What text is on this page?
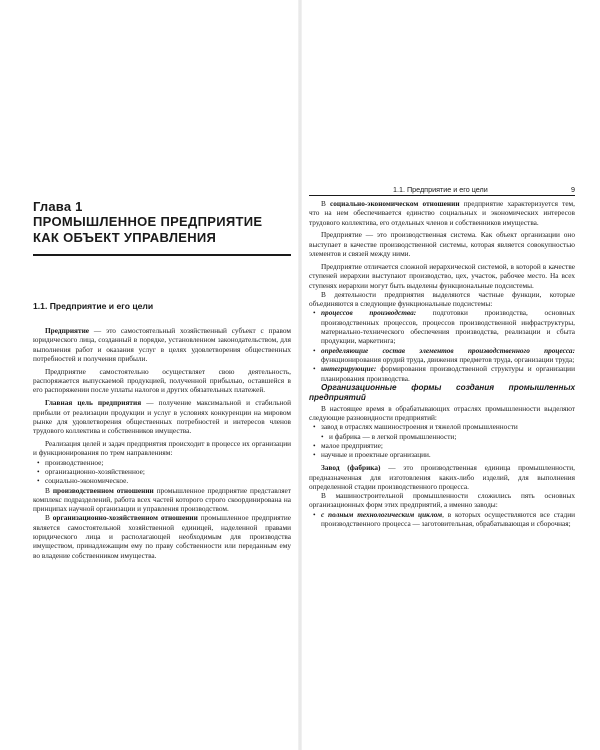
Глава 1
ПРОМЫШЛЕННОЕ ПРЕДПРИЯТИЕ
КАК ОБЪЕКТ УПРАВЛЕНИЯ
1.1. Предприятие и его цели

Предприятие — это самостоятельный хозяйственный субъект с правом юридического лица, созданный в порядке, установленном законодательством, для выполнения работ и оказания услуг в целях удовлетворения общественных потребностей и получения прибыли.

Предприятие самостоятельно осуществляет свою деятельность, распоряжается выпускаемой продукцией, полученной прибылью, оставшейся в его распоряжении после уплаты налогов и других обязательных платежей.

Главная цель предприятия — получение максимальной и стабильной прибыли от реализации продукции и услуг в условиях конкуренции на мировом рынке для удовлетворения общественных потребностей и интересов членов трудового коллектива и собственников имущества.

Реализация целей и задач предприятия происходит в процессе их организации и функционирования по трем направлениям:

• производственное;
• организационно-хозяйственное;
• социально-экономическое.

В производственном отношении промышленное предприятие представляет комплекс подразделений, работа всех частей которого строго скоординирована на принципах научной организации и управления производством.

В организационно-хозяйственном отношении промышленное предприятие является самостоятельной хозяйственной единицей, наделенной правами юридического лица и располагающей необходимым для производства имуществом, принадлежащим ему по праву собственности или переданным ему во владение собственником имущества.

1.1. Предприятие и его цели	9

В социально-экономическом отношении предприятие характеризуется тем, что на нем обеспечивается единство социальных и экономических интересов трудового коллектива, его отдельных членов и собственников имущества.

Предприятие — это производственная система. Как объект организации оно выступает в качестве производственной системы, которая является совокупностью элементов и связей между ними.

Предприятие отличается сложной иерархической системой, в которой в качестве ступеней иерархии выступают производство, цех, участок, рабочее место. На всех ступенях иерархии могут быть выделены функциональные подсистемы.

В деятельности предприятия выделяются частные функции, которые объединяются в следующие функциональные подсистемы:

• процессов производства: подготовки производства, основных производственных процессов, процессов производственной инфраструктуры, материально-технического обеспечения производства, реализации и сбыта продукции, маркетинга;
• определяющие состав элементов производственного процесса: функционирования орудий труда, движения предметов труда, организации труда;
• интегрирующие: формирования производственной структуры и организации планирования производства.

Организационные формы создания промышленных предприятий

В настоящее время в обрабатывающих отраслях промышленности выделяют следующие разновидности предприятий:

• завод в отраслях машиностроения и тяжелой промышленности
• и фабрика — в легкой промышленности;
• малое предприятие;
• научные и проектные организации.

Завод (фабрика) — это производственная единица промышленности, предназначенная для изготовления каких-либо изделий, для выполнения определенной стадии производственного процесса.

В машиностроительной промышленности сложились пять основных организационных форм этих предприятий, а именно заводы:

• с полным технологическим циклом, в которых осуществляются все стадии производственного процесса — заготовительная, обрабатывающая и сборочная;
